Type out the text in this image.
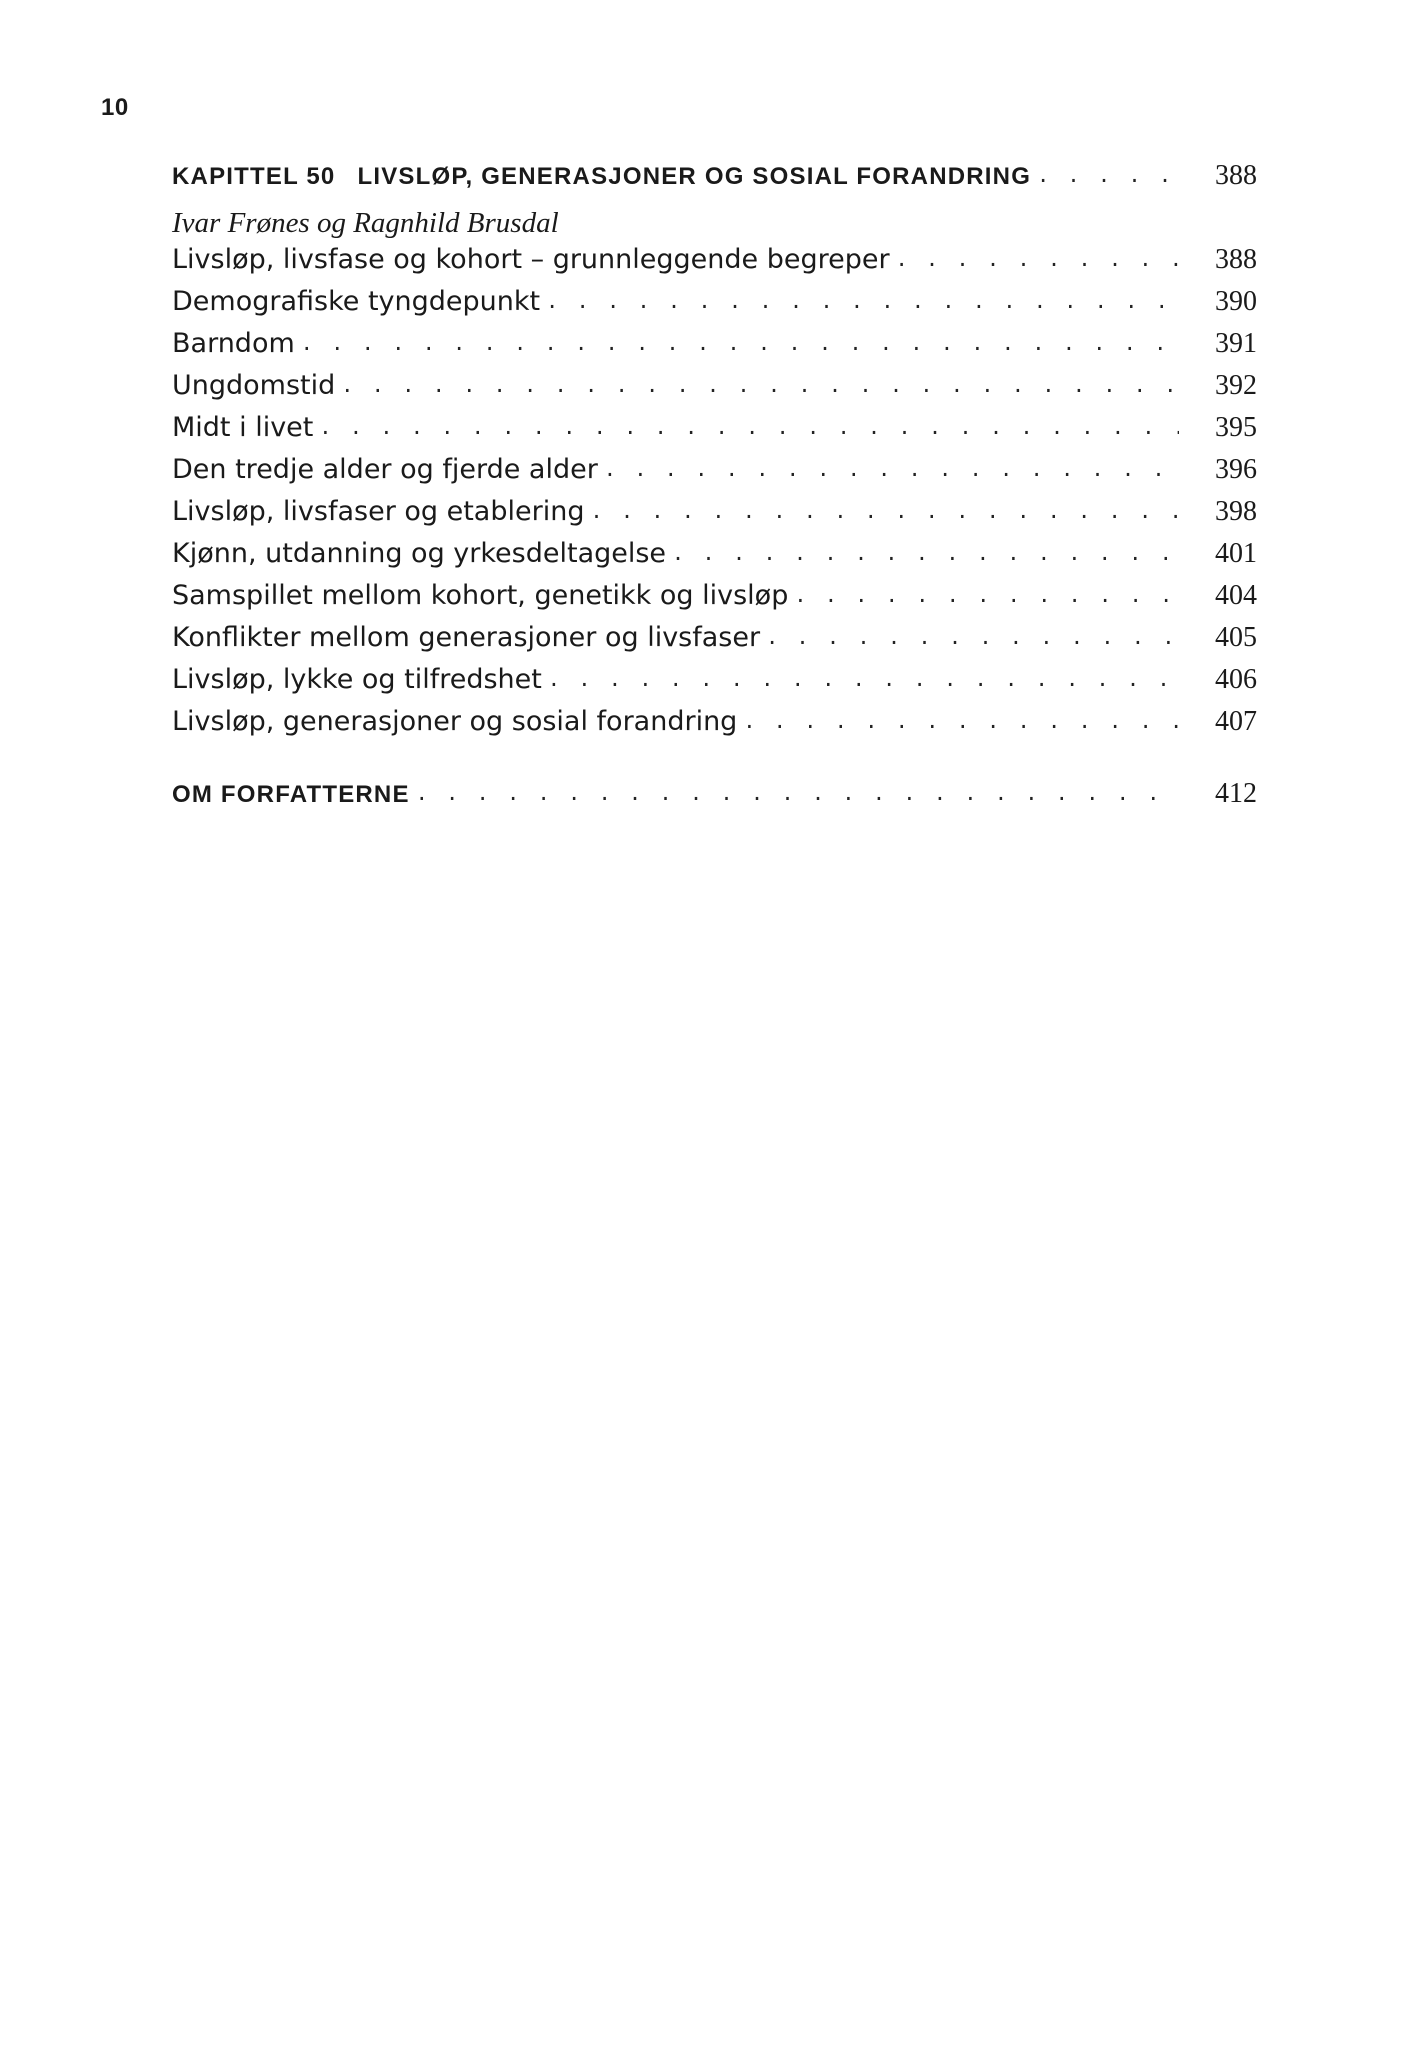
10
KAPITTEL 50 LIVSLØP, GENERASJONER OG SOSIAL FORANDRING . . .	388
Ivar Frønes og Ragnhild Brusdal
Livsløp, livsfase og kohort – grunnleggende begreper . . .	388
Demografiske tyngdepunkt . . .	390
Barndom . . .	391
Ungdomstid . . .	392
Midt i livet . . .	395
Den tredje alder og fjerde alder . . .	396
Livsløp, livsfaser og etablering . . .	398
Kjønn, utdanning og yrkesdeltagelse . . .	401
Samspillet mellom kohort, genetikk og livsløp . . .	404
Konflikter mellom generasjoner og livsfaser . . .	405
Livsløp, lykke og tilfredshet . . .	406
Livsløp, generasjoner og sosial forandring . . .	407
OM FORFATTERNE . . .	412
